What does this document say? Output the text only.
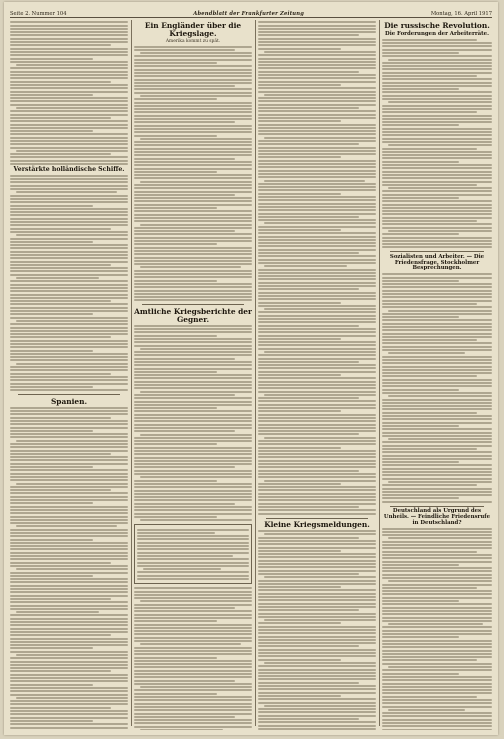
Seite 2. Nummer 104	Abendblatt der Frankfurter Zeitung	Montag, 16. April 1917
Verstärkte holländische Schiffe.
Spanien.
Ein Engländer über die Kriegslage.
Amerika kommt zu spät.
Amtliche Kriegsberichte der Gegner.
Kleine Kriegsmeldungen.
Die russische Revolution.
Die Forderungen der Arbeiterräte.
Sozialisten und Arbeiter. — Die Friedensfrage. Stockholmer Besprechungen.
Deutschland als Urgrund des Unheils. — Feindliche Friedensrufe in Deutschland?
